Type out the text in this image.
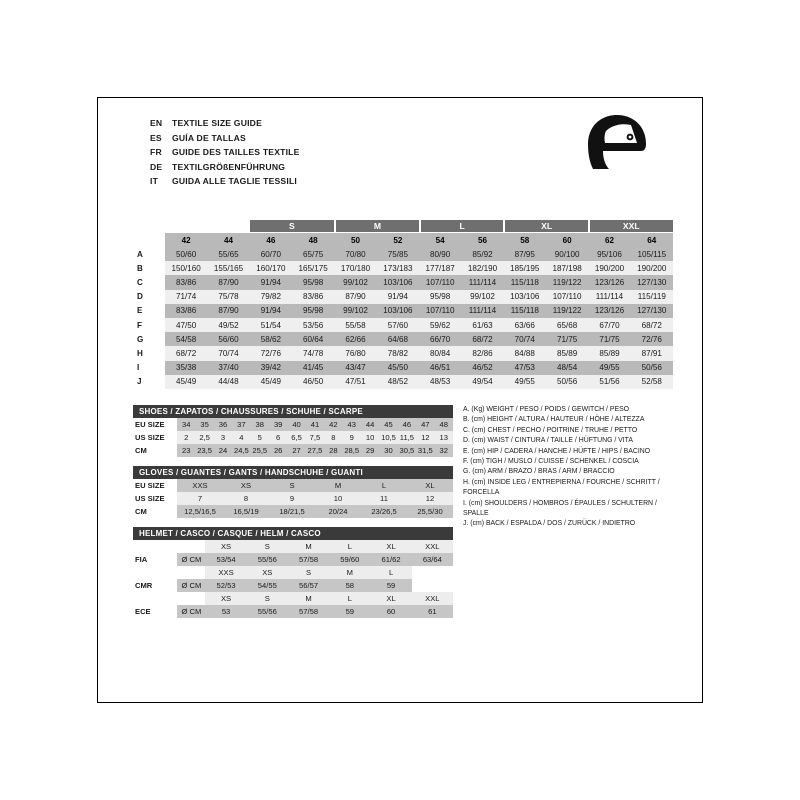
EN	TEXTILE SIZE GUIDE
ES	GUÍA DE TALLAS
FR	GUIDE DES TAILLES TEXTILE
DE	TEXTILGRÖßENFÜHRUNG
IT	GUIDA ALLE TAGLIE TESSILI
S	M	L	XL	XXL
	42	44	46	48	50	52	54	56	58	60	62	64
A	50/60	55/65	60/70	65/75	70/80	75/85	80/90	85/92	87/95	90/100	95/106	105/115
B	150/160	155/165	160/170	165/175	170/180	173/183	177/187	182/190	185/195	187/198	190/200	190/200
C	83/86	87/90	91/94	95/98	99/102	103/106	107/110	111/114	115/118	119/122	123/126	127/130
D	71/74	75/78	79/82	83/86	87/90	91/94	95/98	99/102	103/106	107/110	111/114	115/119
E	83/86	87/90	91/94	95/98	99/102	103/106	107/110	111/114	115/118	119/122	123/126	127/130
F	47/50	49/52	51/54	53/56	55/58	57/60	59/62	61/63	63/66	65/68	67/70	68/72
G	54/58	56/60	58/62	60/64	62/66	64/68	66/70	68/72	70/74	71/75	71/75	72/76
H	68/72	70/74	72/76	74/78	76/80	78/82	80/84	82/86	84/88	85/89	85/89	87/91
I	35/38	37/40	39/42	41/45	43/47	45/50	46/51	46/52	47/53	48/54	49/55	50/56
J	45/49	44/48	45/49	46/50	47/51	48/52	48/53	49/54	49/55	50/56	51/56	52/58
SHOES / ZAPATOS / CHAUSSURES / SCHUHE / SCARPE
EU SIZE	34	35	36	37	38	39	40	41	42	43	44	45	46	47	48
US SIZE	2	2,5	3	4	5	6	6,5	7,5	8	9	10	10,5	11,5	12	13
CM	23	23,5	24	24,5	25,5	26	27	27,5	28	28,5	29	30	30,5	31,5	32
GLOVES / GUANTES / GANTS / HANDSCHUHE / GUANTI
EU SIZE	XXS	XS	S	M	L	XL
US SIZE	7	8	9	10	11	12
CM	12,5/16,5	16,5/19	18/21,5	20/24	23/26,5	25,5/30
HELMET / CASCO / CASQUE / HELM / CASCO
		XS	S	M	L	XL	XXL
FIA	Ø CM	53/54	55/56	57/58	59/60	61/62	63/64
		XXS	XS	S	M	L	
CMR	Ø CM	52/53	54/55	56/57	58	59	
		XS	S	M	L	XL	XXL
ECE	Ø CM	53	55/56	57/58	59	60	61
A. (Kg) WEIGHT / PESO / POIDS / GEWITCH / PESO
B. (cm) HEIGHT / ALTURA / HAUTEUR / HÖHE / ALTEZZA
C. (cm) CHEST / PECHO / POITRINE / TRUHE / PETTO
D. (cm) WAIST / CINTURA / TAILLE / HÜFTUNG / VITA
E. (cm) HIP / CADERA / HANCHE / HÜFTE / HIPS / BACINO
F. (cm) TIGH / MUSLO / CUISSE / SCHENKEL / COSCIA
G. (cm) ARM / BRAZO / BRAS / ARM / BRACCIO
H. (cm) INSIDE LEG / ENTREPIERNA / FOURCHE / SCHRITT / FORCELLA
I. (cm) SHOULDERS / HOMBROS / ÉPAULES / SCHULTERN / SPALLE
J. (cm) BACK / ESPALDA / DOS / ZURÜCK / INDIETRO
